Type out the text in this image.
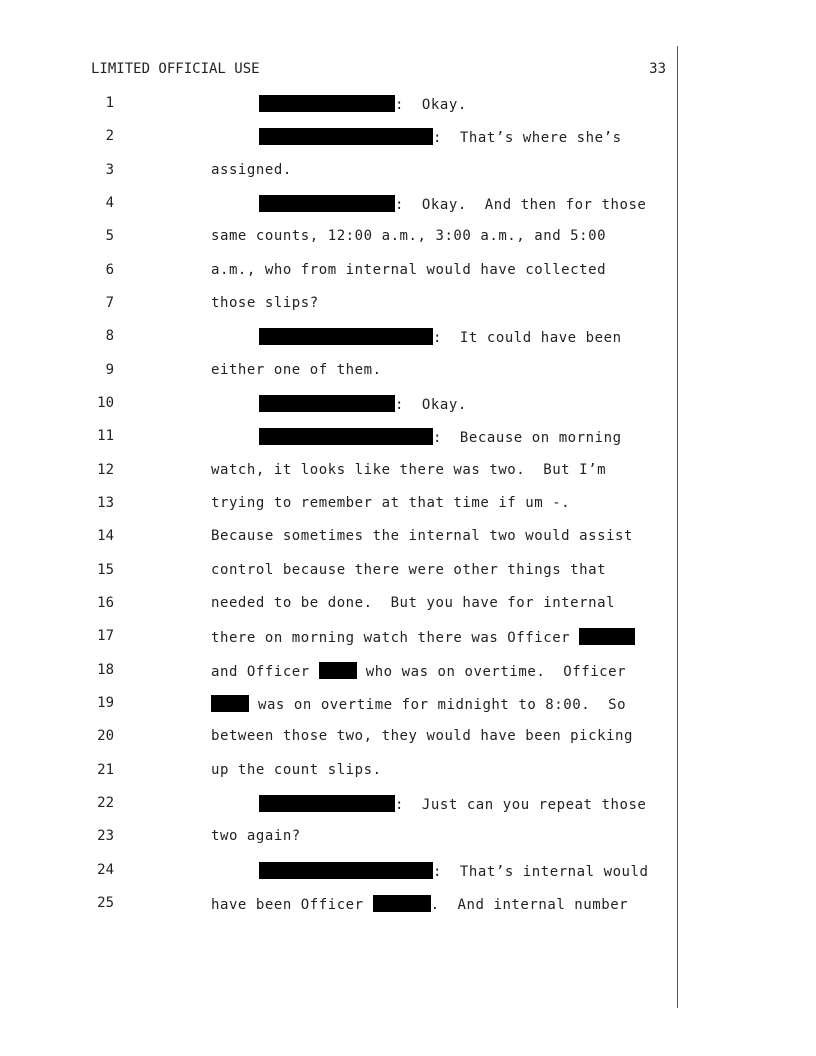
LIMITED OFFICIAL USE	33
1	:  Okay.
2	:  That’s where she’s
3	assigned.
4	:  Okay.  And then for those
5	same counts, 12:00 a.m., 3:00 a.m., and 5:00
6	a.m., who from internal would have collected
7	those slips?
8	:  It could have been
9	either one of them.
10	:  Okay.
11	:  Because on morning
12	watch, it looks like there was two.  But I’m
13	trying to remember at that time if um -.
14	Because sometimes the internal two would assist
15	control because there were other things that
16	needed to be done.  But you have for internal
17	there on morning watch there was Officer
18	and Officer	who was on overtime.  Officer
19	was on overtime for midnight to 8:00.  So
20	between those two, they would have been picking
21	up the count slips.
22	:  Just can you repeat those
23	two again?
24	:  That’s internal would
25	have been Officer	.  And internal number
